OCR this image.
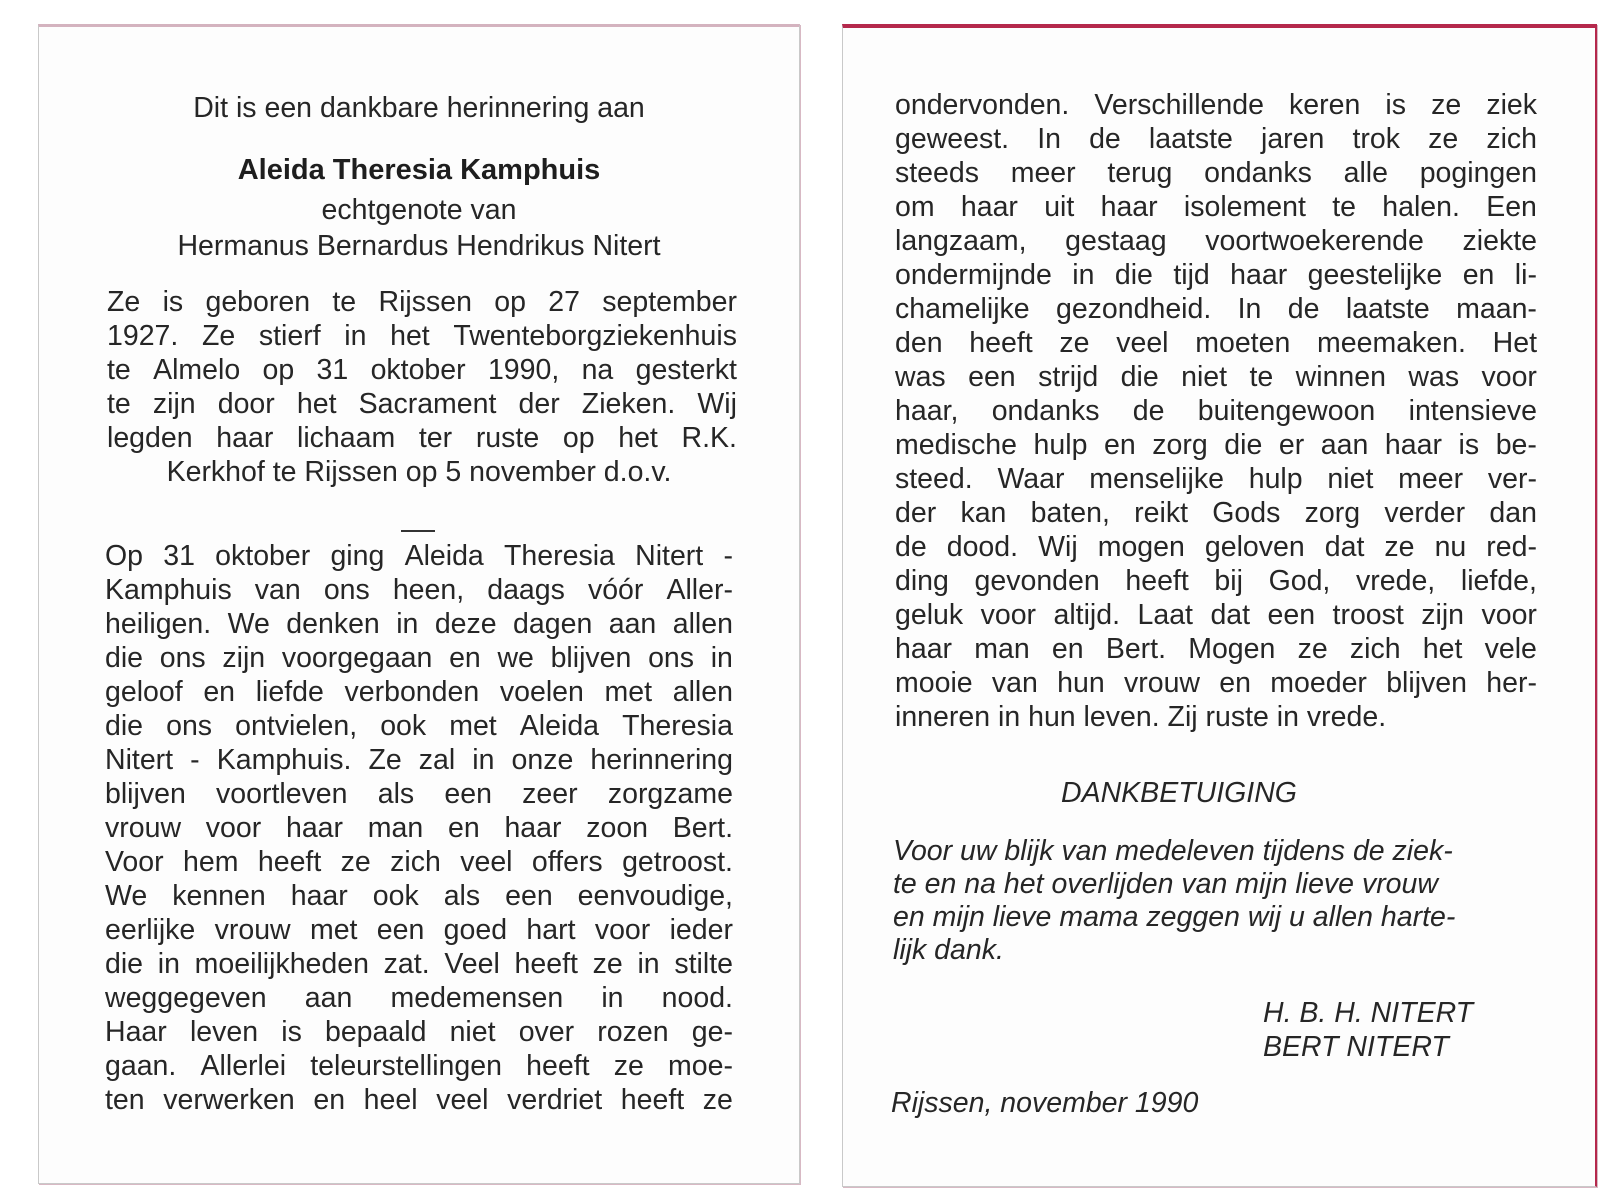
Dit is een dankbare herinnering aan
Aleida Theresia Kamphuis
echtgenote van
Hermanus Bernardus Hendrikus Nitert
Ze is geboren te Rijssen op 27 september
1927. Ze stierf in het Twenteborgziekenhuis
te Almelo op 31 oktober 1990, na gesterkt
te zijn door het Sacrament der Zieken. Wij
legden haar lichaam ter ruste op het R.K.
Kerkhof te Rijssen op 5 november d.o.v.
Op 31 oktober ging Aleida Theresia Nitert -
Kamphuis van ons heen, daags vóór Aller-
heiligen. We denken in deze dagen aan allen
die ons zijn voorgegaan en we blijven ons in
geloof en liefde verbonden voelen met allen
die ons ontvielen, ook met Aleida Theresia
Nitert - Kamphuis. Ze zal in onze herinnering
blijven voortleven als een zeer zorgzame
vrouw voor haar man en haar zoon Bert.
Voor hem heeft ze zich veel offers getroost.
We kennen haar ook als een eenvoudige,
eerlijke vrouw met een goed hart voor ieder
die in moeilijkheden zat. Veel heeft ze in stilte
weggegeven aan medemensen in nood.
Haar leven is bepaald niet over rozen ge-
gaan. Allerlei teleurstellingen heeft ze moe-
ten verwerken en heel veel verdriet heeft ze
ondervonden. Verschillende keren is ze ziek
geweest. In de laatste jaren trok ze zich
steeds meer terug ondanks alle pogingen
om haar uit haar isolement te halen. Een
langzaam, gestaag voortwoekerende ziekte
ondermijnde in die tijd haar geestelijke en li-
chamelijke gezondheid. In de laatste maan-
den heeft ze veel moeten meemaken. Het
was een strijd die niet te winnen was voor
haar, ondanks de buitengewoon intensieve
medische hulp en zorg die er aan haar is be-
steed. Waar menselijke hulp niet meer ver-
der kan baten, reikt Gods zorg verder dan
de dood. Wij mogen geloven dat ze nu red-
ding gevonden heeft bij God, vrede, liefde,
geluk voor altijd. Laat dat een troost zijn voor
haar man en Bert. Mogen ze zich het vele
mooie van hun vrouw en moeder blijven her-
inneren in hun leven. Zij ruste in vrede.
DANKBETUIGING
Voor uw blijk van medeleven tijdens de ziek-
te en na het overlijden van mijn lieve vrouw
en mijn lieve mama zeggen wij u allen harte-
lijk dank.
H. B. H. NITERT
BERT NITERT
Rijssen, november 1990
